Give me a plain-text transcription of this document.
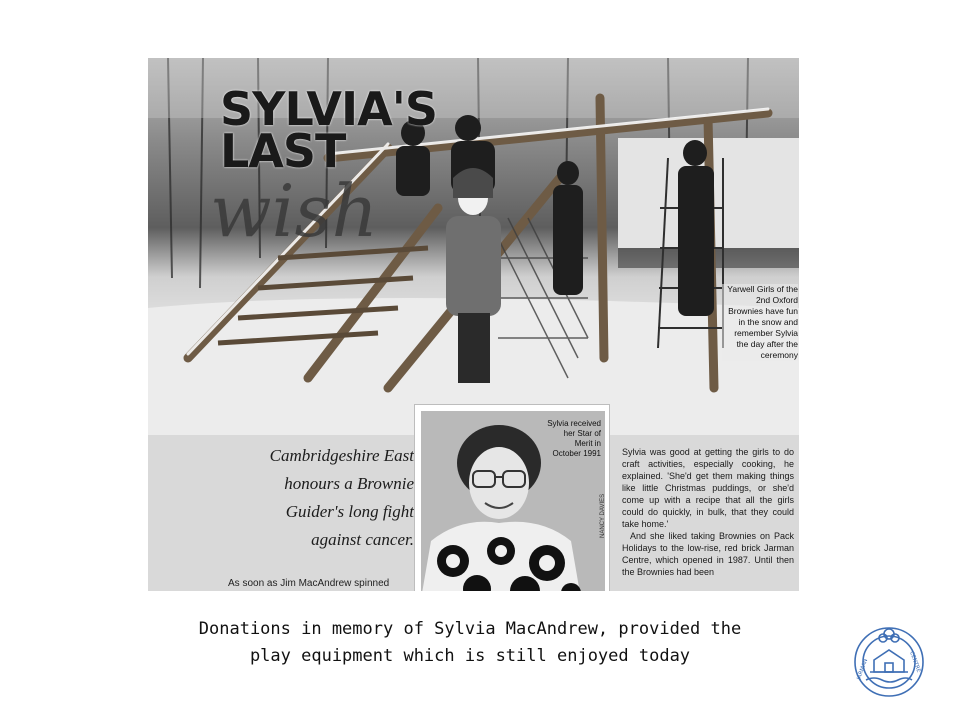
SYLVIA'S
LAST
wish
Yarwell Girls of the 2nd Oxford Brownies have fun in the snow and remember Sylvia the day after the ceremony
Cambridgeshire East honours a Brownie Guider's long fight against cancer.
As soon as Jim MacAndrew spinned
Sylvia received her Star of Merit in October 1991
NANCY DAVIES

Sylvia was good at getting the girls to do craft activities, especially cooking, he explained. 'She'd get them making things like little Christmas puddings, or she'd come up with a recipe that all the girls could do quickly, in bulk, that they could take home.'

And she liked taking Brownies on Pack Holidays to the low-rise, red brick Jarman Centre, which opened in 1987. Until then the Brownies had been

Donations in memory of Sylvia MacAndrew, provided the
play equipment which is still enjoyed today
JARMAN	CENTRE
